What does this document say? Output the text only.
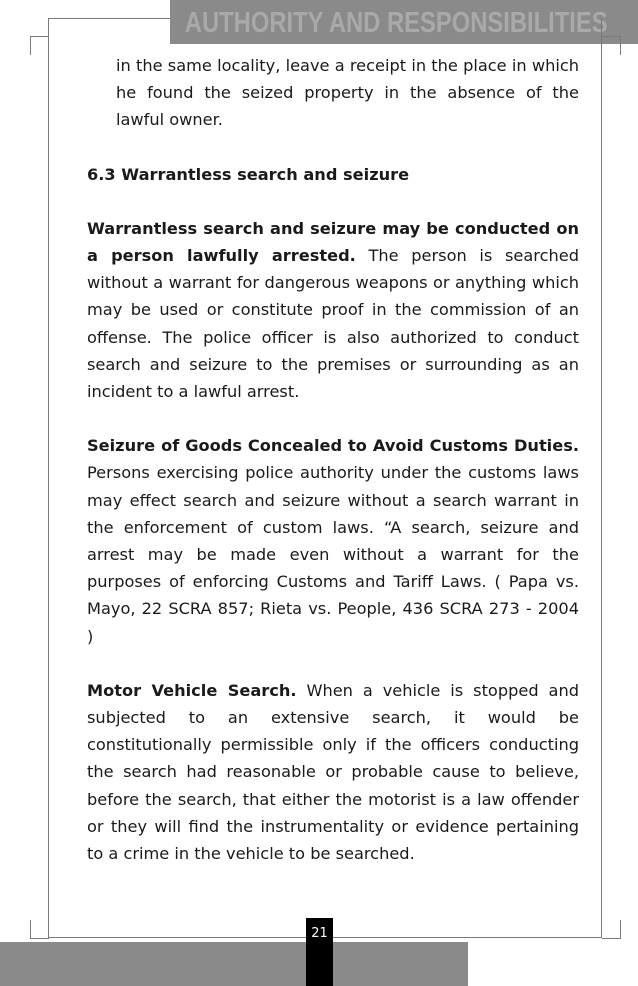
AUTHORITY AND RESPONSIBILITIES

in the same locality, leave a receipt in the place in which he found the seized property in the absence of the lawful owner.

6.3 Warrantless search and seizure

Warrantless search and seizure may be conducted on a person lawfully arrested. The person is searched without a warrant for dangerous weapons or anything which may be used or constitute proof in the commission of an offense. The police officer is also authorized to conduct search and seizure to the premises or surrounding as an incident to a lawful arrest.

Seizure of Goods Concealed to Avoid Customs Duties. Persons exercising police authority under the customs laws may effect search and seizure without a search warrant in the enforcement of custom laws. “A search, seizure and arrest may be made even without a warrant for the purposes of enforcing Customs and Tariff Laws. ( Papa vs. Mayo, 22 SCRA 857; Rieta vs. People, 436 SCRA 273 - 2004 )

Motor Vehicle Search. When a vehicle is stopped and subjected to an extensive search, it would be constitutionally permissible only if the officers conducting the search had reasonable or probable cause to believe, before the search, that either the motorist is a law offender or they will find the instrumentality or evidence pertaining to a crime in the vehicle to be searched.

21
